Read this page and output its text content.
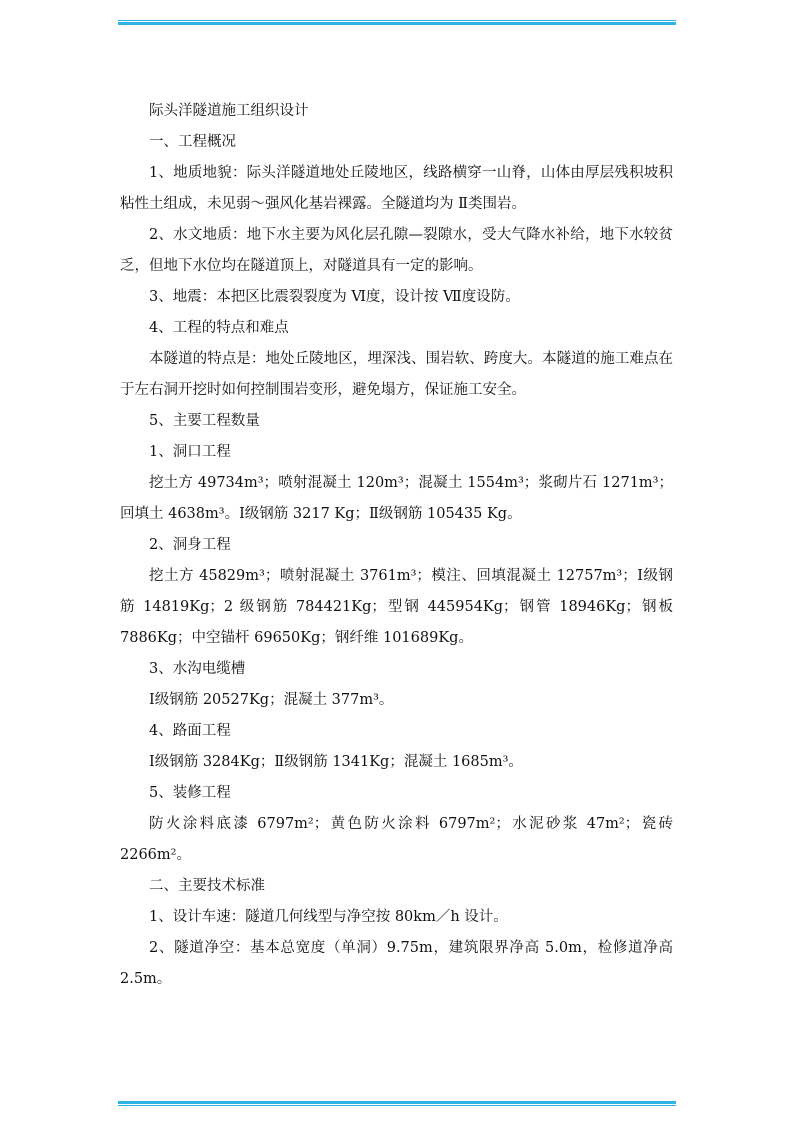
际头洋隧道施工组织设计

一、工程概况

1、地质地貌：际头洋隧道地处丘陵地区，线路横穿一山脊，山体由厚层残积坡积粘性土组成，未见弱～强风化基岩裸露。全隧道均为 Ⅱ类围岩。

2、水文地质：地下水主要为风化层孔隙—裂隙水，受大气降水补给，地下水较贫乏，但地下水位均在隧道顶上，对隧道具有一定的影响。

3、地震：本把区比震裂裂度为 Ⅵ度，设计按 Ⅶ度设防。

4、工程的特点和难点

本隧道的特点是：地处丘陵地区，埋深浅、围岩软、跨度大。本隧道的施工难点在于左右洞开挖时如何控制围岩变形，避免塌方，保证施工安全。

5、主要工程数量

1、洞口工程

挖土方 49734m³；喷射混凝土 120m³；混凝土 1554m³；浆砌片石 1271m³；回填土 4638m³。Ⅰ级钢筋 3217 Kg；Ⅱ级钢筋 105435 Kg。

2、洞身工程

挖土方 45829m³；喷射混凝土 3761m³；模注、回填混凝土 12757m³；Ⅰ级钢筋 14819Kg；2 级钢筋 784421Kg；型钢 445954Kg；钢管 18946Kg；钢板 7886Kg；中空锚杆 69650Kg；钢纤维 101689Kg。

3、水沟电缆槽

Ⅰ级钢筋 20527Kg；混凝土 377m³。

4、路面工程

Ⅰ级钢筋 3284Kg；Ⅱ级钢筋 1341Kg；混凝土 1685m³。

5、装修工程

防火涂料底漆 6797m²；黄色防火涂料 6797m²；水泥砂浆 47m²；瓷砖 2266m²。

二、主要技术标准

1、设计车速：隧道几何线型与净空按 80km／h 设计。

2、隧道净空：基本总宽度（单洞）9.75m，建筑限界净高 5.0m，检修道净高 2.5m。
